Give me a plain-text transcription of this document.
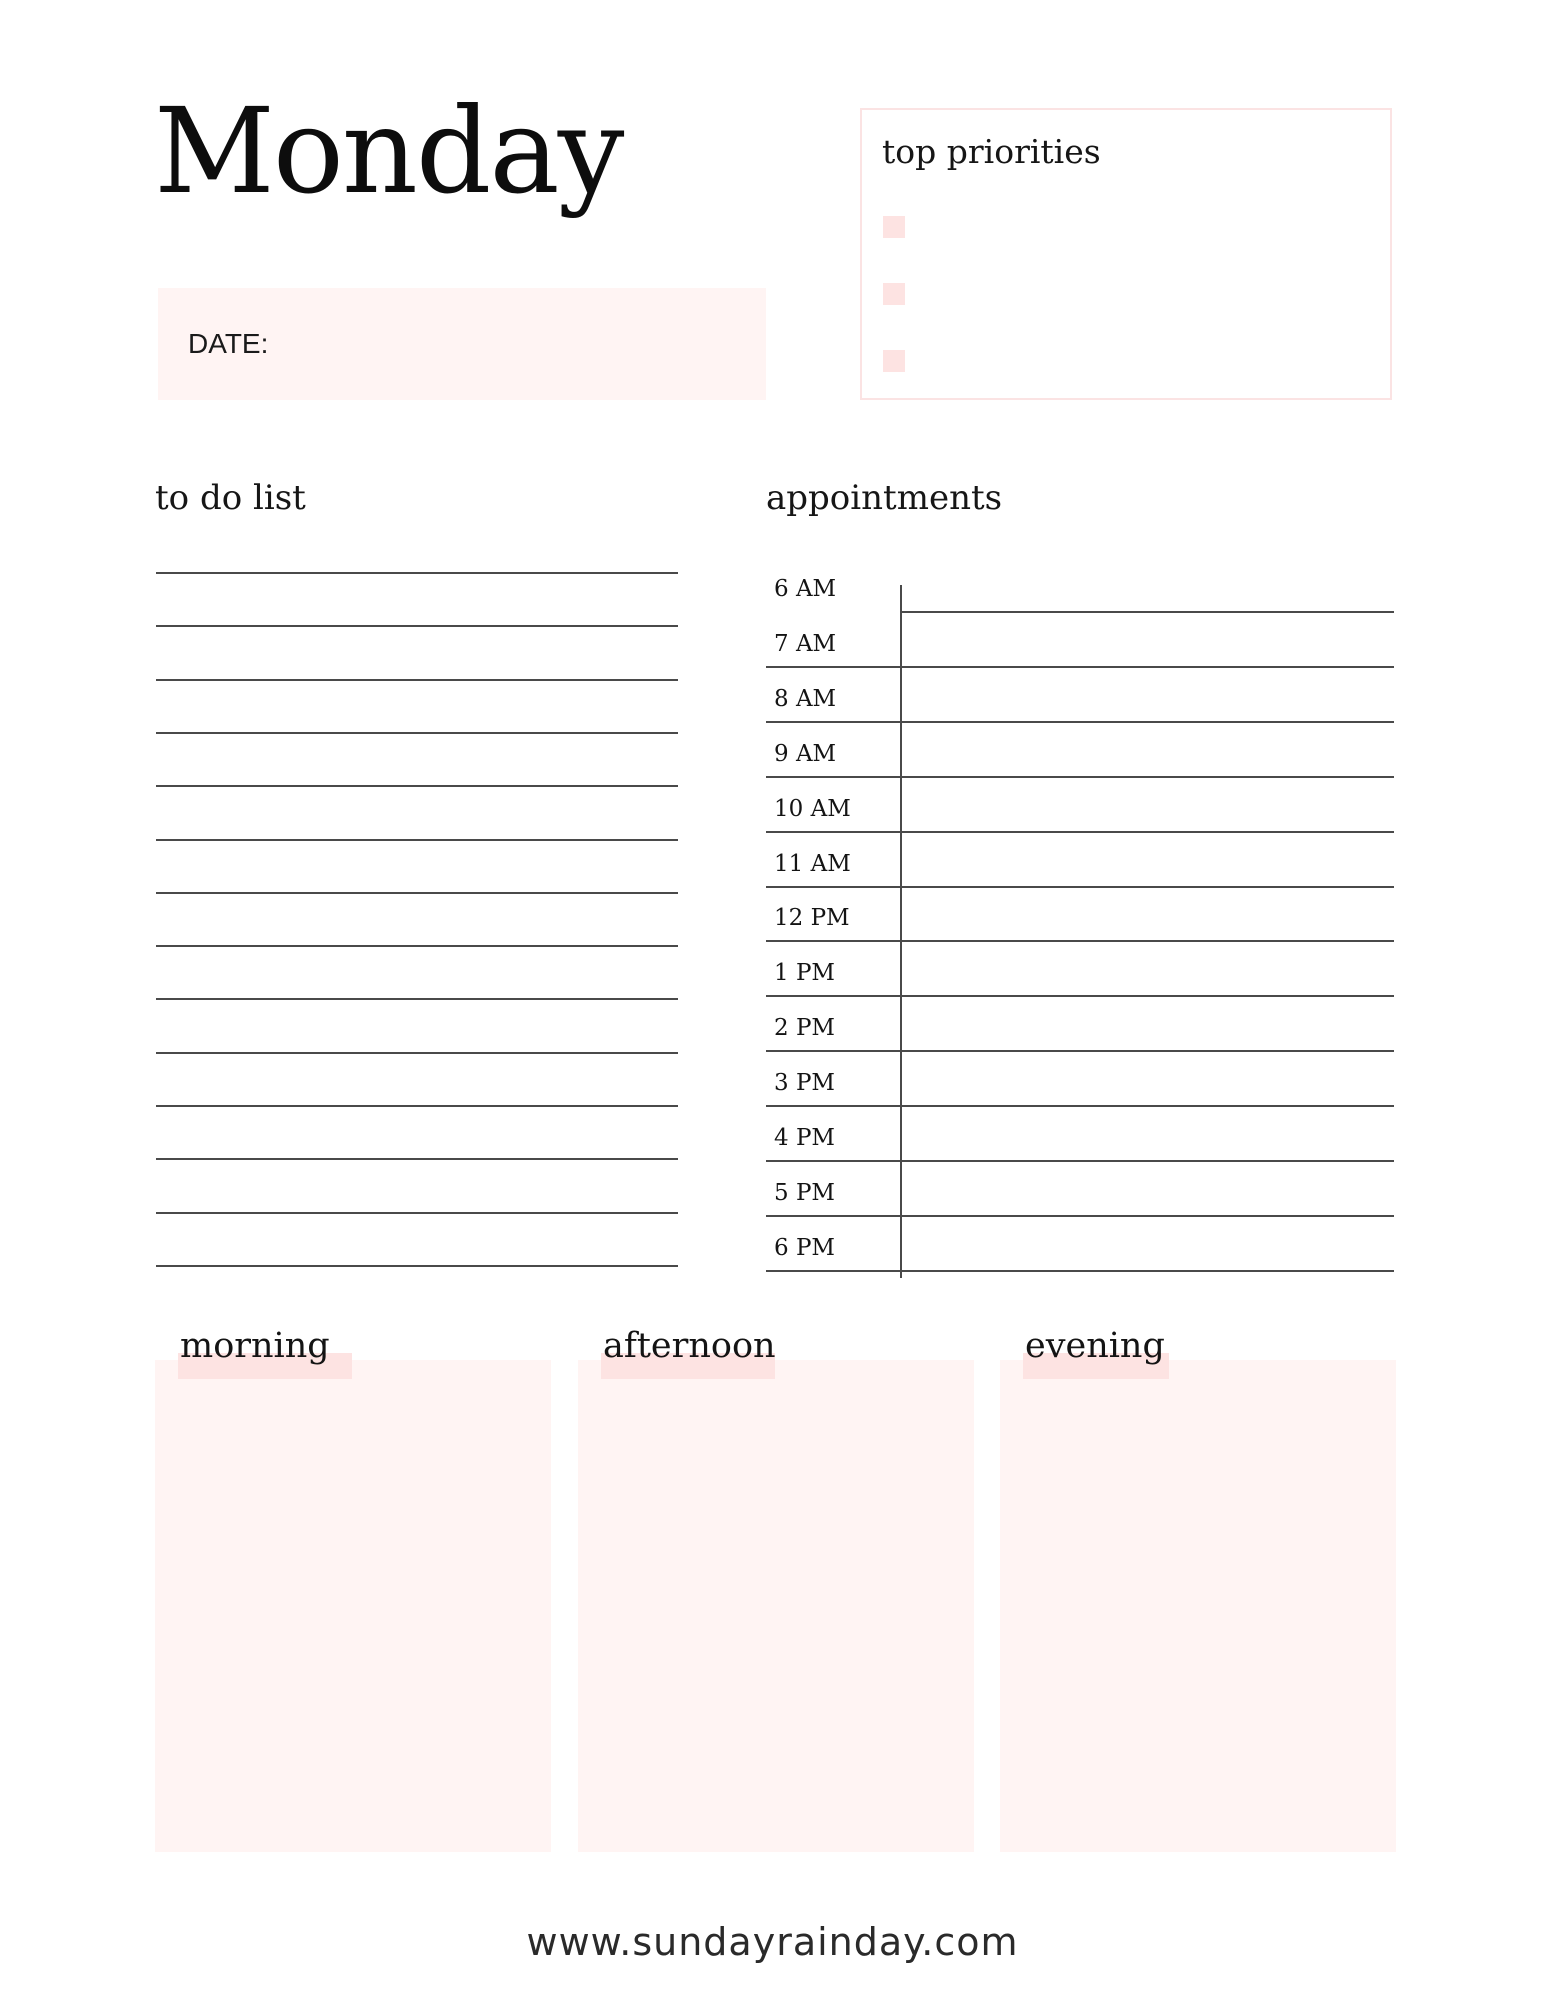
Monday
DATE:
top priorities
to do list	appointments
6 AM
7 AM
8 AM
9 AM
10 AM
11 AM
12 PM
1 PM
2 PM
3 PM
4 PM
5 PM
6 PM
morning	afternoon	evening
www.sundayrainday.com
